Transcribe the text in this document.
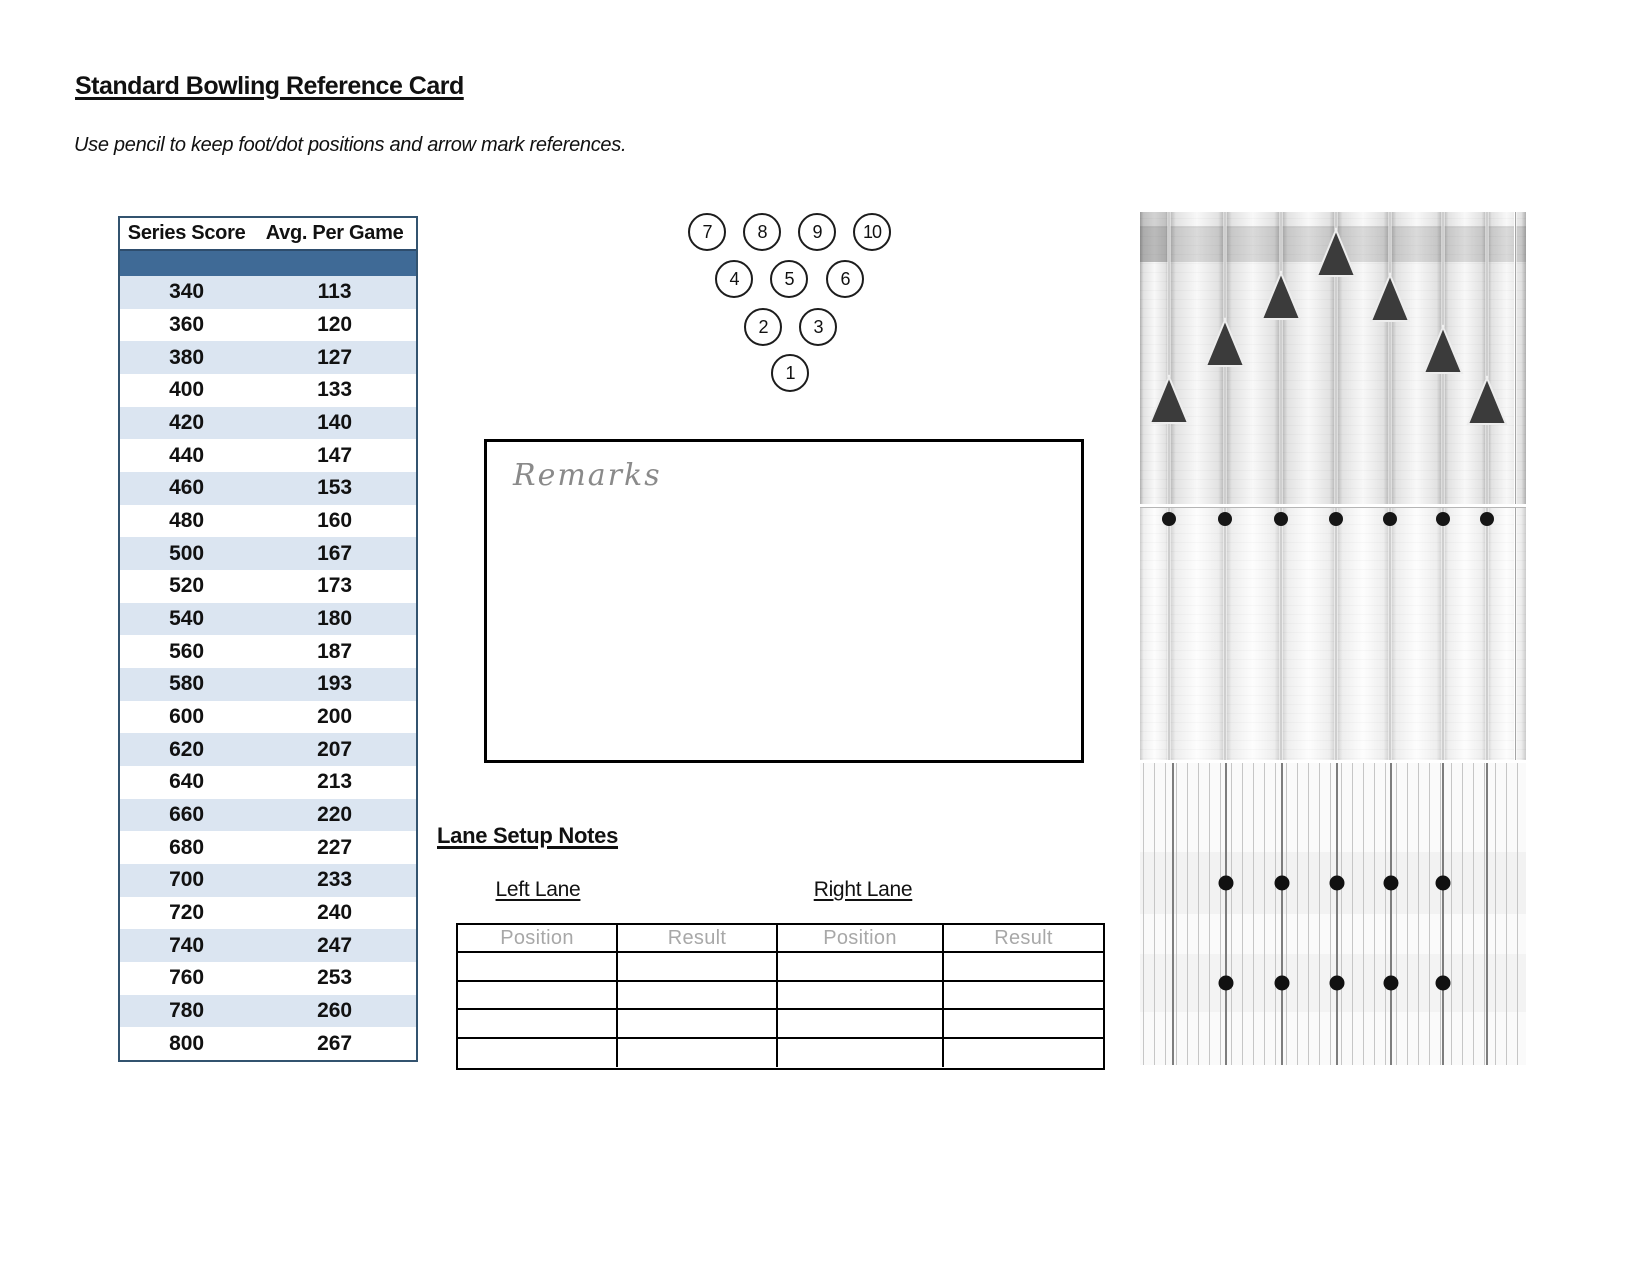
Standard Bowling Reference Card

Use pencil to keep foot/dot positions and arrow mark references.

Series Score	Avg. Per Game
340	113
360	120
380	127
400	133
420	140
440	147
460	153
480	160
500	167
520	173
540	180
560	187
580	193
600	200
620	207
640	213
660	220
680	227
700	233
720	240
740	247
760	253
780	260
800	267
7	8	9	10
4	5	6
2	3
1
Remarks
Lane Setup Notes
Left Lane	Right Lane
Position	Result	Position	Result
